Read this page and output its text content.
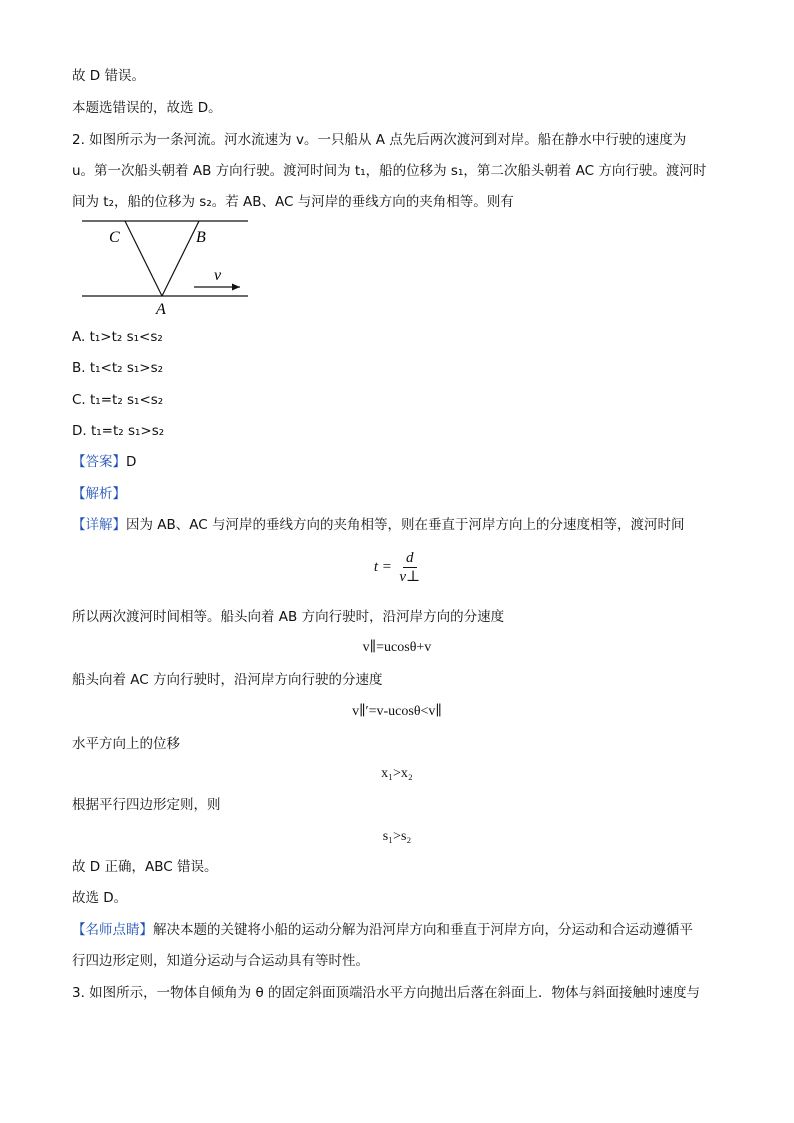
故 D 错误。
本题选错误的，故选 D。
2. 如图所示为一条河流。河水流速为 v。一只船从 A 点先后两次渡河到对岸。船在静水中行驶的速度为
u。第一次船头朝着 AB 方向行驶。渡河时间为 t₁，船的位移为 s₁，第二次船头朝着 AC 方向行驶。渡河时
间为 t₂，船的位移为 s₂。若 AB、AC 与河岸的垂线方向的夹角相等。则有
C	B
A
v
A. t₁>t₂ s₁<s₂
B. t₁<t₂ s₁>s₂
C. t₁=t₂ s₁<s₂
D. t₁=t₂ s₁>s₂
【答案】D
【解析】
【详解】因为 AB、AC 与河岸的垂线方向的夹角相等，则在垂直于河岸方向上的分速度相等，渡河时间
$t = \frac{d}{v\perp}$
所以两次渡河时间相等。船头向着 AB 方向行驶时，沿河岸方向的分速度
v∥=ucosθ+v
船头向着 AC 方向行驶时，沿河岸方向行驶的分速度
v∥′=v-ucosθ<v∥
水平方向上的位移
x₁>x₂
根据平行四边形定则，则
s₁>s₂
故 D 正确，ABC 错误。
故选 D。
【名师点睛】解决本题的关键将小船的运动分解为沿河岸方向和垂直于河岸方向，分运动和合运动遵循平
行四边形定则，知道分运动与合运动具有等时性。
3. 如图所示，一物体自倾角为 θ 的固定斜面顶端沿水平方向抛出后落在斜面上．物体与斜面接触时速度与
